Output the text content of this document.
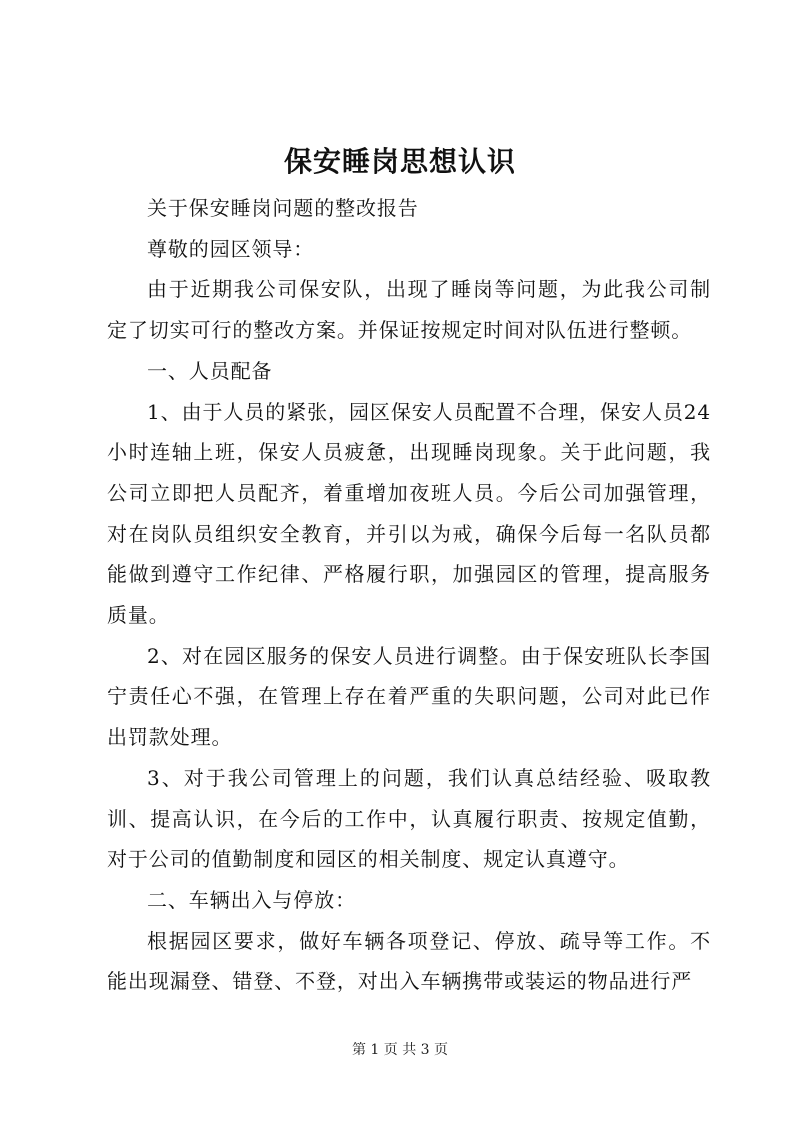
保安睡岗思想认识

关于保安睡岗问题的整改报告

尊敬的园区领导：

由于近期我公司保安队，出现了睡岗等问题，为此我公司制定了切实可行的整改方案。并保证按规定时间对队伍进行整顿。

一、人员配备

1、由于人员的紧张，园区保安人员配置不合理，保安人员24小时连轴上班，保安人员疲惫，出现睡岗现象。关于此问题，我公司立即把人员配齐，着重增加夜班人员。今后公司加强管理，对在岗队员组织安全教育，并引以为戒，确保今后每一名队员都能做到遵守工作纪律、严格履行职，加强园区的管理，提高服务质量。

2、对在园区服务的保安人员进行调整。由于保安班队长李国宁责任心不强，在管理上存在着严重的失职问题，公司对此已作出罚款处理。

3、对于我公司管理上的问题，我们认真总结经验、吸取教训、提高认识，在今后的工作中，认真履行职责、按规定值勤，对于公司的值勤制度和园区的相关制度、规定认真遵守。

二、车辆出入与停放：

根据园区要求，做好车辆各项登记、停放、疏导等工作。不能出现漏登、错登、不登，对出入车辆携带或装运的物品进行严

第 1 页 共 3 页
